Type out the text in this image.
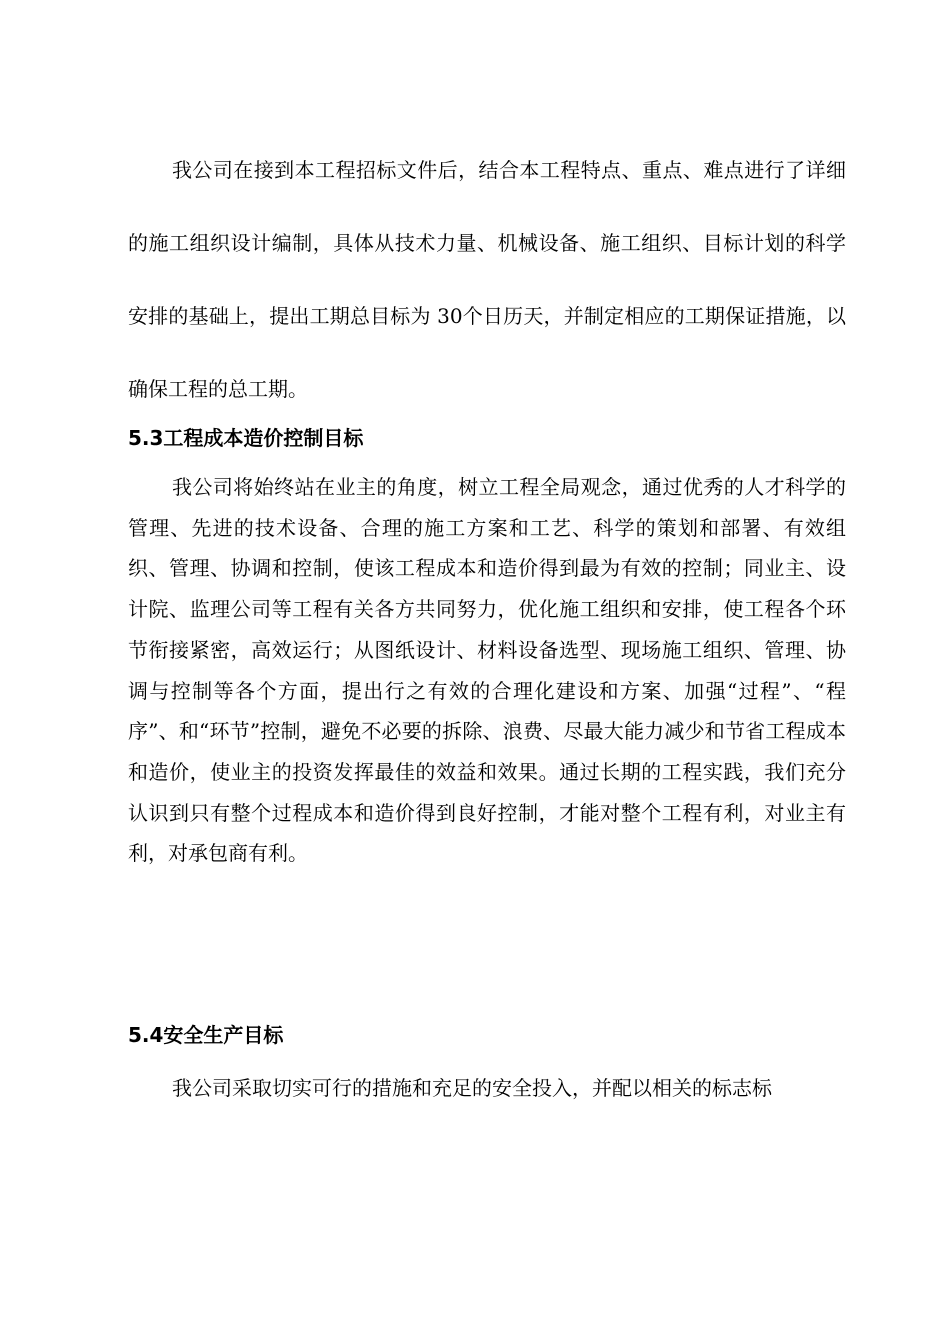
我公司在接到本工程招标文件后，结合本工程特点、重点、难点进行了详细的施工组织设计编制，具体从技术力量、机械设备、施工组织、目标计划的科学安排的基础上，提出工期总目标为 30个日历天，并制定相应的工期保证措施，以确保工程的总工期。

5.3工程成本造价控制目标

我公司将始终站在业主的角度，树立工程全局观念，通过优秀的人才科学的管理、先进的技术设备、合理的施工方案和工艺、科学的策划和部署、有效组织、管理、协调和控制，使该工程成本和造价得到最为有效的控制；同业主、设计院、监理公司等工程有关各方共同努力，优化施工组织和安排，使工程各个环节衔接紧密，高效运行；从图纸设计、材料设备选型、现场施工组织、管理、协调与控制等各个方面，提出行之有效的合理化建设和方案、加强“过程”、“程序”、和“环节”控制，避免不必要的拆除、浪费、尽最大能力减少和节省工程成本和造价，使业主的投资发挥最佳的效益和效果。通过长期的工程实践，我们充分认识到只有整个过程成本和造价得到良好控制，才能对整个工程有利，对业主有利，对承包商有利。

5.4安全生产目标

我公司采取切实可行的措施和充足的安全投入，并配以相关的标志标
